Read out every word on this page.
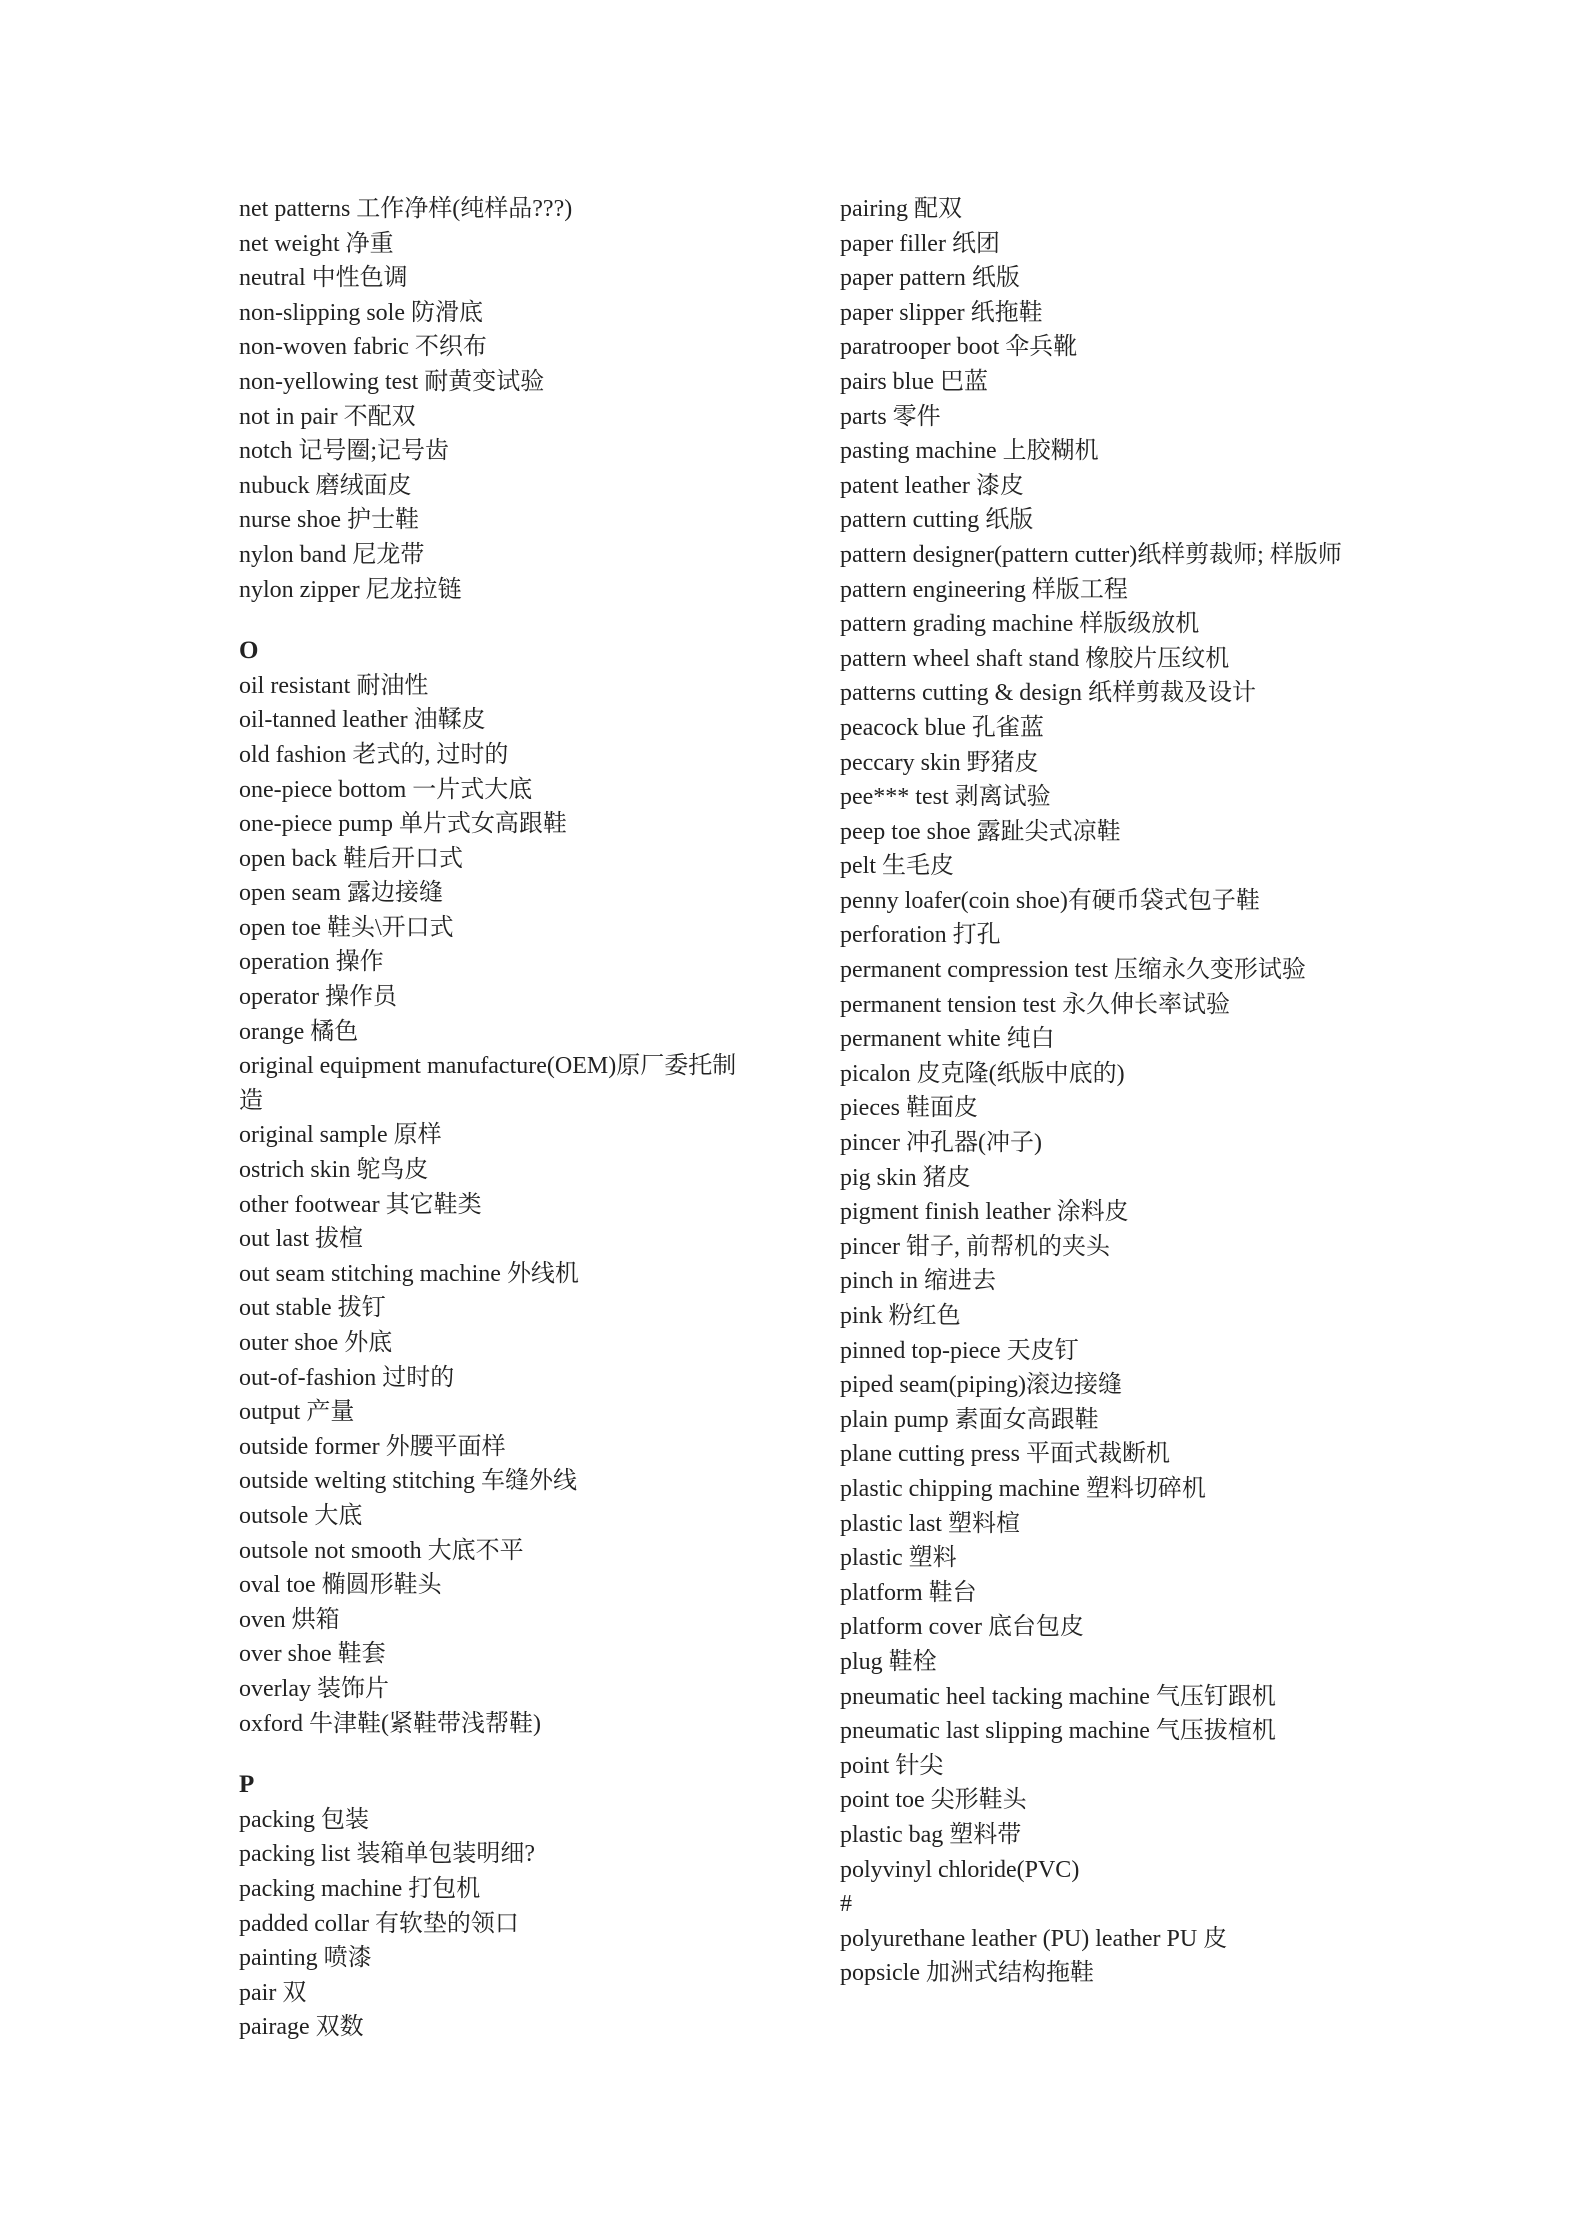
net patterns 工作净样(纯样品???)
net weight 净重
neutral 中性色调
non-slipping sole 防滑底
non-woven fabric 不织布
non-yellowing test 耐黄变试验
not in pair 不配双
notch 记号圈;记号齿
nubuck 磨绒面皮
nurse shoe 护士鞋
nylon band 尼龙带
nylon zipper 尼龙拉链
O
oil resistant 耐油性
oil-tanned leather 油鞣皮
old fashion 老式的, 过时的
one-piece bottom 一片式大底
one-piece pump 单片式女高跟鞋
open back 鞋后开口式
open seam 露边接缝
open toe 鞋头\开口式
operation 操作
operator 操作员
orange 橘色
original equipment manufacture(OEM)原厂委托制造
original sample 原样
ostrich skin 鸵鸟皮
other footwear 其它鞋类
out last 拔楦
out seam stitching machine 外线机
out stable 拔钉
outer shoe 外底
out-of-fashion 过时的
output 产量
outside former 外腰平面样
outside welting stitching 车缝外线
outsole 大底
outsole not smooth 大底不平
oval toe 椭圆形鞋头
oven 烘箱
over shoe 鞋套
overlay 装饰片
oxford 牛津鞋(紧鞋带浅帮鞋)
P
packing 包装
packing list 装箱单包装明细?
packing machine 打包机
padded collar 有软垫的领口
painting 喷漆
pair 双
pairage 双数
pairing 配双
paper filler 纸团
paper pattern 纸版
paper slipper 纸拖鞋
paratrooper boot 伞兵靴
pairs blue 巴蓝
parts 零件
pasting machine 上胶糊机
patent leather 漆皮
pattern cutting 纸版
pattern designer(pattern cutter)纸样剪裁师; 样版师
pattern engineering 样版工程
pattern grading machine 样版级放机
pattern wheel shaft stand 橡胶片压纹机
patterns cutting & design 纸样剪裁及设计
peacock blue 孔雀蓝
peccary skin 野猪皮
pee*** test 剥离试验
peep toe shoe 露趾尖式凉鞋
pelt 生毛皮
penny loafer(coin shoe)有硬币袋式包子鞋
perforation 打孔
permanent compression test 压缩永久变形试验
permanent tension test 永久伸长率试验
permanent white 纯白
picalon 皮克隆(纸版中底的)
pieces 鞋面皮
pincer 冲孔器(冲子)
pig skin 猪皮
pigment finish leather 涂料皮
pincer 钳子, 前帮机的夹头
pinch in 缩进去
pink 粉红色
pinned top-piece 天皮钉
piped seam(piping)滚边接缝
plain pump 素面女高跟鞋
plane cutting press 平面式裁断机
plastic chipping machine 塑料切碎机
plastic last 塑料楦
plastic 塑料
platform 鞋台
platform cover 底台包皮
plug 鞋栓
pneumatic heel tacking machine 气压钉跟机
pneumatic last slipping machine 气压拔楦机
point 针尖
point toe 尖形鞋头
plastic bag 塑料带
polyvinyl chloride(PVC)
#
polyurethane leather (PU) leather PU 皮
popsicle 加洲式结构拖鞋
